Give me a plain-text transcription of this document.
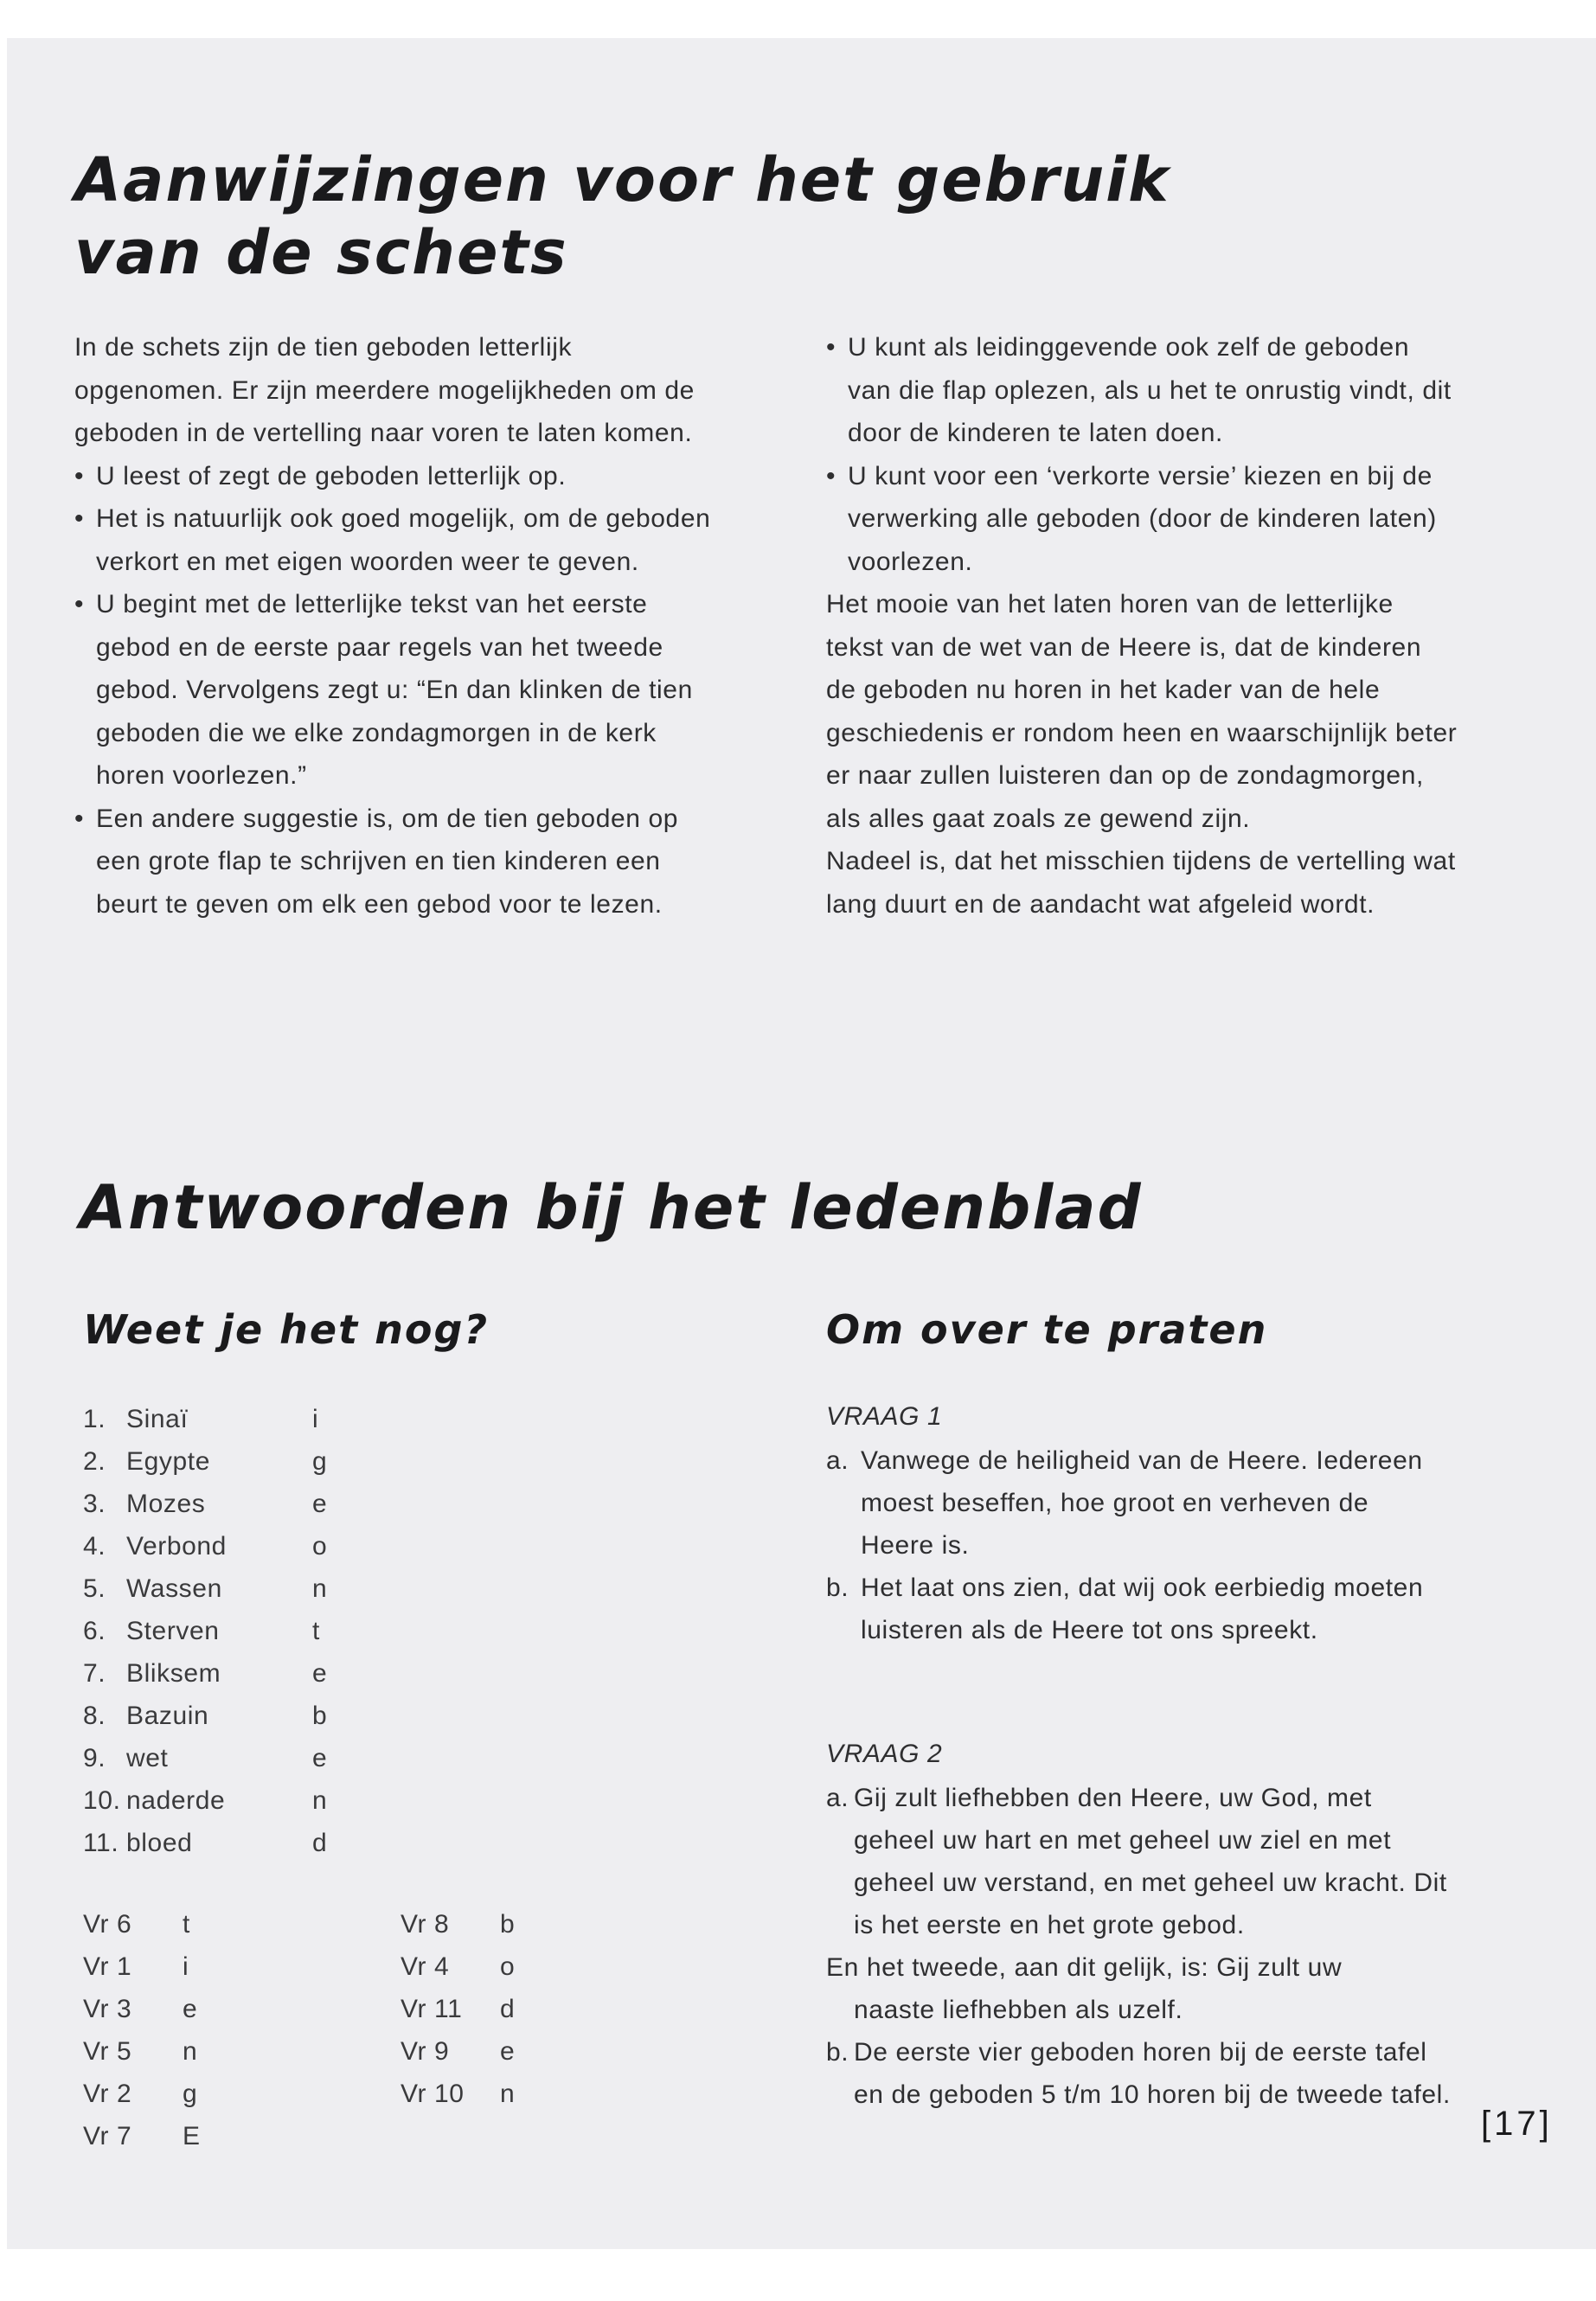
Aanwijzingen voor het gebruik
van de schets
In de schets zijn de tien geboden letterlijk opgenomen. Er zijn meerdere mogelijkheden om de geboden in de vertelling naar voren te laten komen.
• U leest of zegt de geboden letterlijk op.
• Het is natuurlijk ook goed mogelijk, om de geboden verkort en met eigen woorden weer te geven.
• U begint met de letterlijke tekst van het eerste gebod en de eerste paar regels van het tweede gebod. Vervolgens zegt u: “En dan klinken de tien geboden die we elke zondagmorgen in de kerk horen voorlezen.”
• Een andere suggestie is, om de tien geboden op een grote flap te schrijven en tien kinderen een beurt te geven om elk een gebod voor te lezen.
• U kunt als leidinggevende ook zelf de geboden van die flap oplezen, als u het te onrustig vindt, dit door de kinderen te laten doen.
• U kunt voor een ‘verkorte versie’ kiezen en bij de verwerking alle geboden (door de kinderen laten) voorlezen.
Het mooie van het laten horen van de letterlijke tekst van de wet van de Heere is, dat de kinderen de geboden nu horen in het kader van de hele geschiedenis er rondom heen en waarschijnlijk beter er naar zullen luisteren dan op de zondagmorgen, als alles gaat zoals ze gewend zijn.
Nadeel is, dat het misschien tijdens de vertelling wat lang duurt en de aandacht wat afgeleid wordt.
Antwoorden bij het ledenblad
Weet je het nog?
1. Sinaï	i
2. Egypte	g
3. Mozes	e
4. Verbond	o
5. Wassen	n
6. Sterven	t
7. Bliksem	e
8. Bazuin	b
9. wet	e
10. naderde	n
11. bloed	d
Vr 6	t
Vr 1	i
Vr 3	e
Vr 5	n
Vr 2	g
Vr 7	E
Vr 8	b
Vr 4	o
Vr 11	d
Vr 9	e
Vr 10	n
Om over te praten
VRAAG 1
a. Vanwege de heiligheid van de Heere. Iedereen moest beseffen, hoe groot en verheven de Heere is.
b. Het laat ons zien, dat wij ook eerbiedig moeten luisteren als de Heere tot ons spreekt.
VRAAG 2
a. Gij zult liefhebben den Heere, uw God, met geheel uw hart en met geheel uw ziel en met geheel uw verstand, en met geheel uw kracht. Dit is het eerste en het grote gebod.
En het tweede, aan dit gelijk, is: Gij zult uw
naaste liefhebben als uzelf.
b. De eerste vier geboden horen bij de eerste tafel en de geboden 5 t/m 10 horen bij de tweede tafel.
[17]
